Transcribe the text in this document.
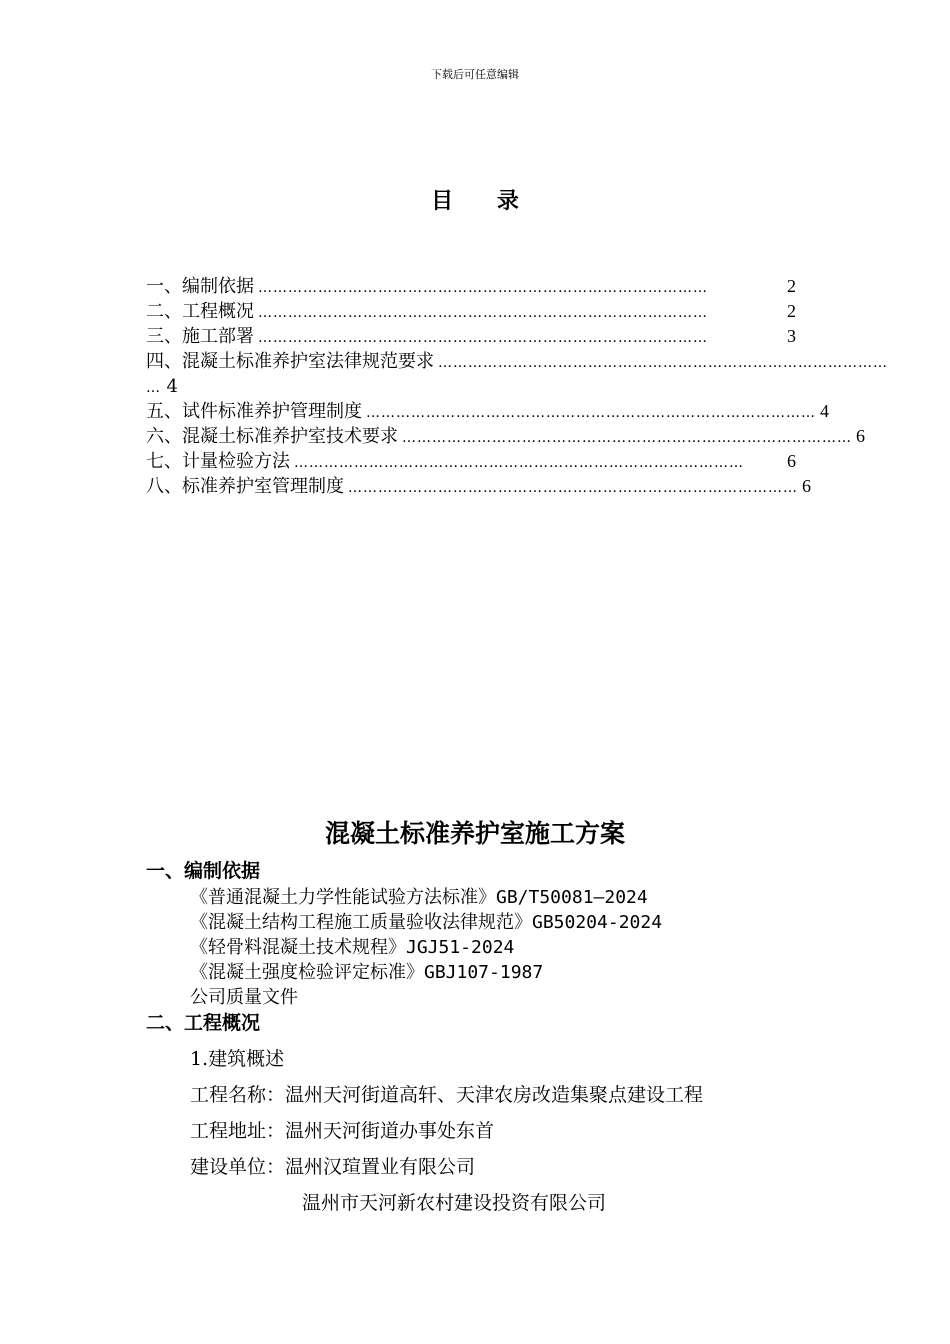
下载后可任意编辑
目 录
一、编制依据 ………………………………………………………………………………	2
二、工程概况 ………………………………………………………………………………	2
三、施工部署 ………………………………………………………………………………	3
四、混凝土标准养护室法律规范要求 ………………………………………………………………………………
… 4
五、试件标准养护管理制度 ……………………………………………………………………………… 4
六、混凝土标准养护室技术要求 ……………………………………………………………………………… 6
七、计量检验方法 ………………………………………………………………………………	6
八、标准养护室管理制度 ……………………………………………………………………………… 6
混凝土标准养护室施工方案
一、编制依据
《普通混凝土力学性能试验方法标准》GB/T50081—2024
《混凝土结构工程施工质量验收法律规范》GB50204-2024
《轻骨料混凝土技术规程》JGJ51-2024
《混凝土强度检验评定标准》GBJ107-1987
公司质量文件
二、工程概况
1.建筑概述
工程名称：温州天河街道高轩、天津农房改造集聚点建设工程
工程地址：温州天河街道办事处东首
建设单位：温州汉瑄置业有限公司
温州市天河新农村建设投资有限公司
